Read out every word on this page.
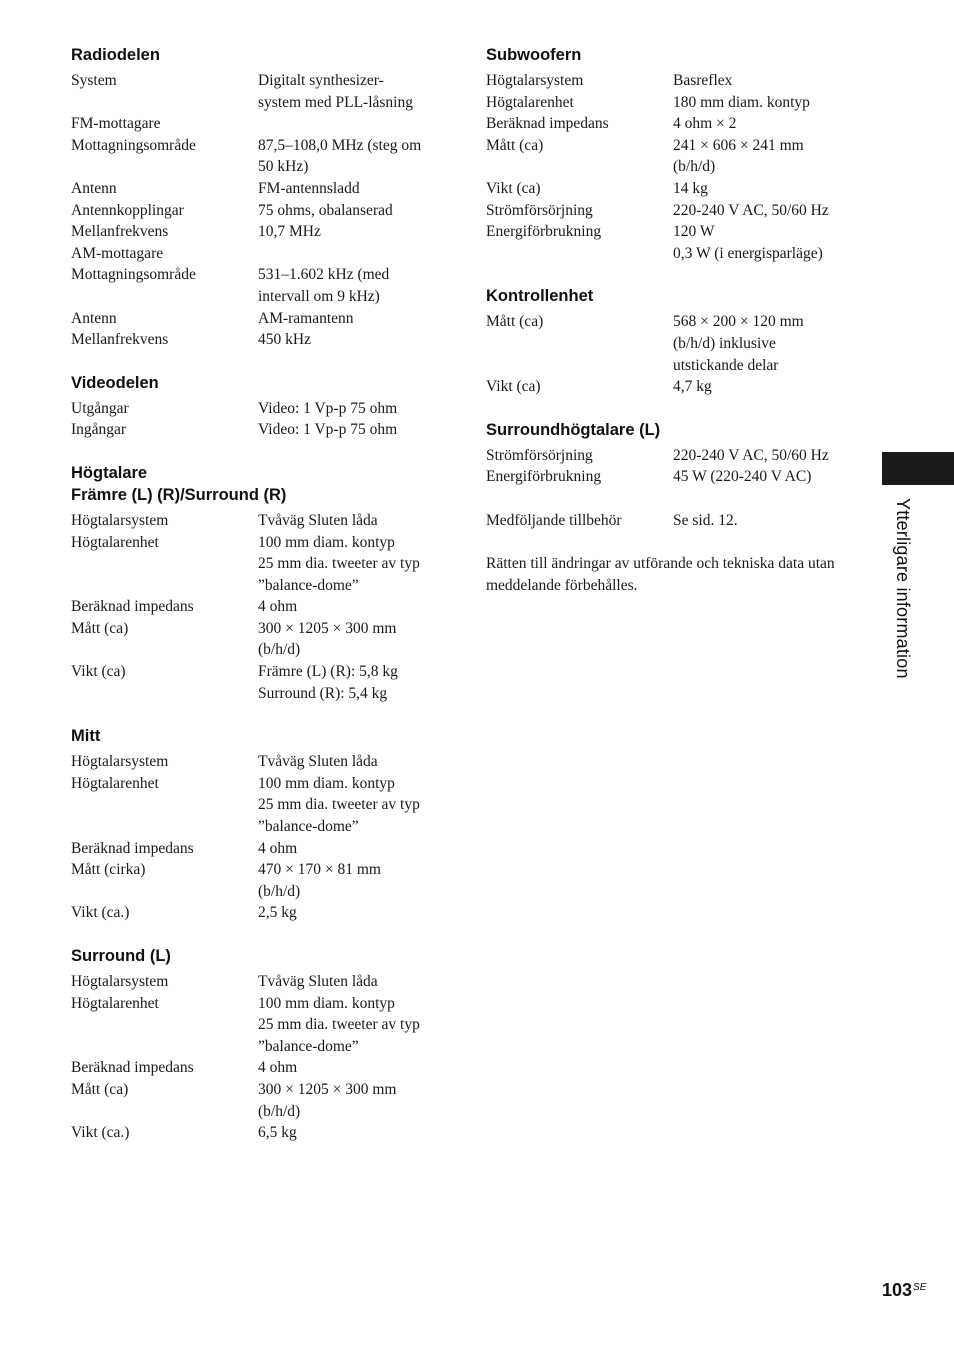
Radiodelen
System	Digitalt synthesizer-
system med PLL-låsning
FM-mottagare
Mottagningsområde	87,5–108,0 MHz (steg om
50 kHz)
Antenn	FM-antennsladd
Antennkopplingar	75 ohms, obalanserad
Mellanfrekvens	10,7 MHz
AM-mottagare
Mottagningsområde	531–1.602 kHz (med
intervall om 9 kHz)
Antenn	AM-ramantenn
Mellanfrekvens	450 kHz
Videodelen
Utgångar	Video: 1 Vp-p 75 ohm
Ingångar	Video: 1 Vp-p 75 ohm
Högtalare
Främre (L) (R)/Surround (R)
Högtalarsystem	Tvåväg Sluten låda
Högtalarenhet	100 mm diam. kontyp
25 mm dia. tweeter av typ
”balance-dome”
Beräknad impedans	4 ohm
Mått (ca)	300 × 1205 × 300 mm
(b/h/d)
Vikt (ca)	Främre (L) (R): 5,8 kg
Surround (R): 5,4 kg
Mitt
Högtalarsystem	Tvåväg Sluten låda
Högtalarenhet	100 mm diam. kontyp
25 mm dia. tweeter av typ
”balance-dome”
Beräknad impedans	4 ohm
Mått (cirka)	470 × 170 × 81 mm
(b/h/d)
Vikt (ca.)	2,5 kg
Surround (L)
Högtalarsystem	Tvåväg Sluten låda
Högtalarenhet	100 mm diam. kontyp
25 mm dia. tweeter av typ
”balance-dome”
Beräknad impedans	4 ohm
Mått (ca)	300 × 1205 × 300 mm
(b/h/d)
Vikt (ca.)	6,5 kg
Subwoofern
Högtalarsystem	Basreflex
Högtalarenhet	180 mm diam. kontyp
Beräknad impedans	4 ohm × 2
Mått (ca)	241 × 606 × 241 mm
(b/h/d)
Vikt (ca)	14 kg
Strömförsörjning	220-240 V AC, 50/60 Hz
Energiförbrukning	120 W
0,3 W (i energisparläge)
Kontrollenhet
Mått (ca)	568 × 200 × 120 mm
(b/h/d) inklusive
utstickande delar
Vikt (ca)	4,7 kg
Surroundhögtalare (L)
Strömförsörjning	220-240 V AC, 50/60 Hz
Energiförbrukning	45 W (220-240 V AC)
Medföljande tillbehör	Se sid. 12.
Rätten till ändringar av utförande och tekniska data utan meddelande förbehålles.	Ytterligare information
$103^{SE}$
